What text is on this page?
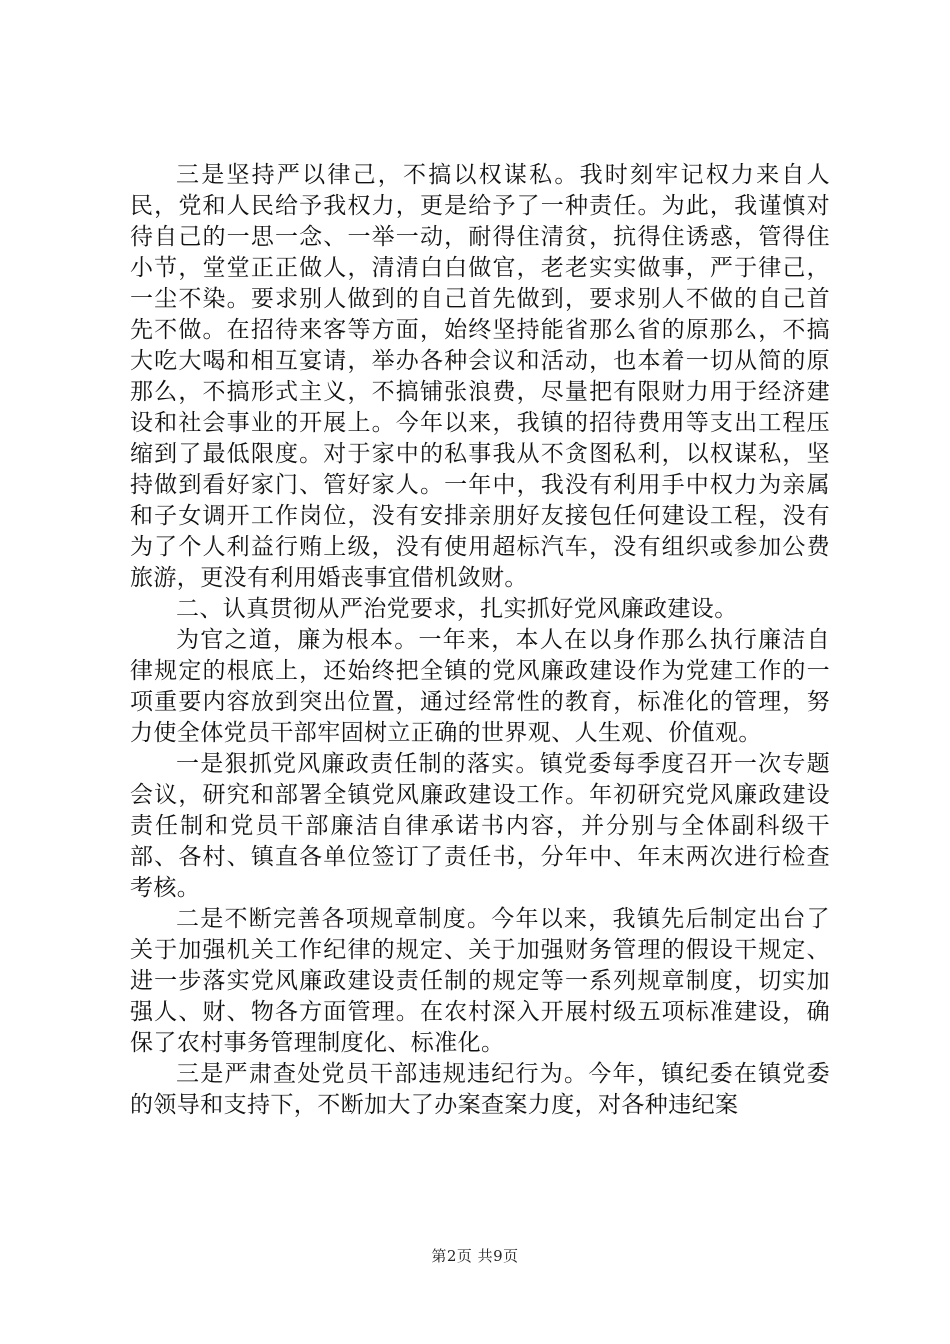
三是坚持严以律己，不搞以权谋私。我时刻牢记权力来自人民，党和人民给予我权力，更是给予了一种责任。为此，我谨慎对待自己的一思一念、一举一动，耐得住清贫，抗得住诱惑，管得住小节，堂堂正正做人，清清白白做官，老老实实做事，严于律己，一尘不染。要求别人做到的自己首先做到，要求别人不做的自己首先不做。在招待来客等方面，始终坚持能省那么省的原那么，不搞大吃大喝和相互宴请，举办各种会议和活动，也本着一切从简的原那么，不搞形式主义，不搞铺张浪费，尽量把有限财力用于经济建设和社会事业的开展上。今年以来，我镇的招待费用等支出工程压缩到了最低限度。对于家中的私事我从不贪图私利，以权谋私，坚持做到看好家门、管好家人。一年中，我没有利用手中权力为亲属和子女调开工作岗位，没有安排亲朋好友接包任何建设工程，没有为了个人利益行贿上级，没有使用超标汽车，没有组织或参加公费旅游，更没有利用婚丧事宜借机敛财。

二、认真贯彻从严治党要求，扎实抓好党风廉政建设。

为官之道，廉为根本。一年来，本人在以身作那么执行廉洁自律规定的根底上，还始终把全镇的党风廉政建设作为党建工作的一项重要内容放到突出位置，通过经常性的教育，标准化的管理，努力使全体党员干部牢固树立正确的世界观、人生观、价值观。

一是狠抓党风廉政责任制的落实。镇党委每季度召开一次专题会议，研究和部署全镇党风廉政建设工作。年初研究党风廉政建设责任制和党员干部廉洁自律承诺书内容，并分别与全体副科级干部、各村、镇直各单位签订了责任书，分年中、年末两次进行检查考核。

二是不断完善各项规章制度。今年以来，我镇先后制定出台了关于加强机关工作纪律的规定、关于加强财务管理的假设干规定、进一步落实党风廉政建设责任制的规定等一系列规章制度，切实加强人、财、物各方面管理。在农村深入开展村级五项标准建设，确保了农村事务管理制度化、标准化。

三是严肃查处党员干部违规违纪行为。今年，镇纪委在镇党委的领导和支持下，不断加大了办案查案力度，对各种违纪案

第2页 共9页
